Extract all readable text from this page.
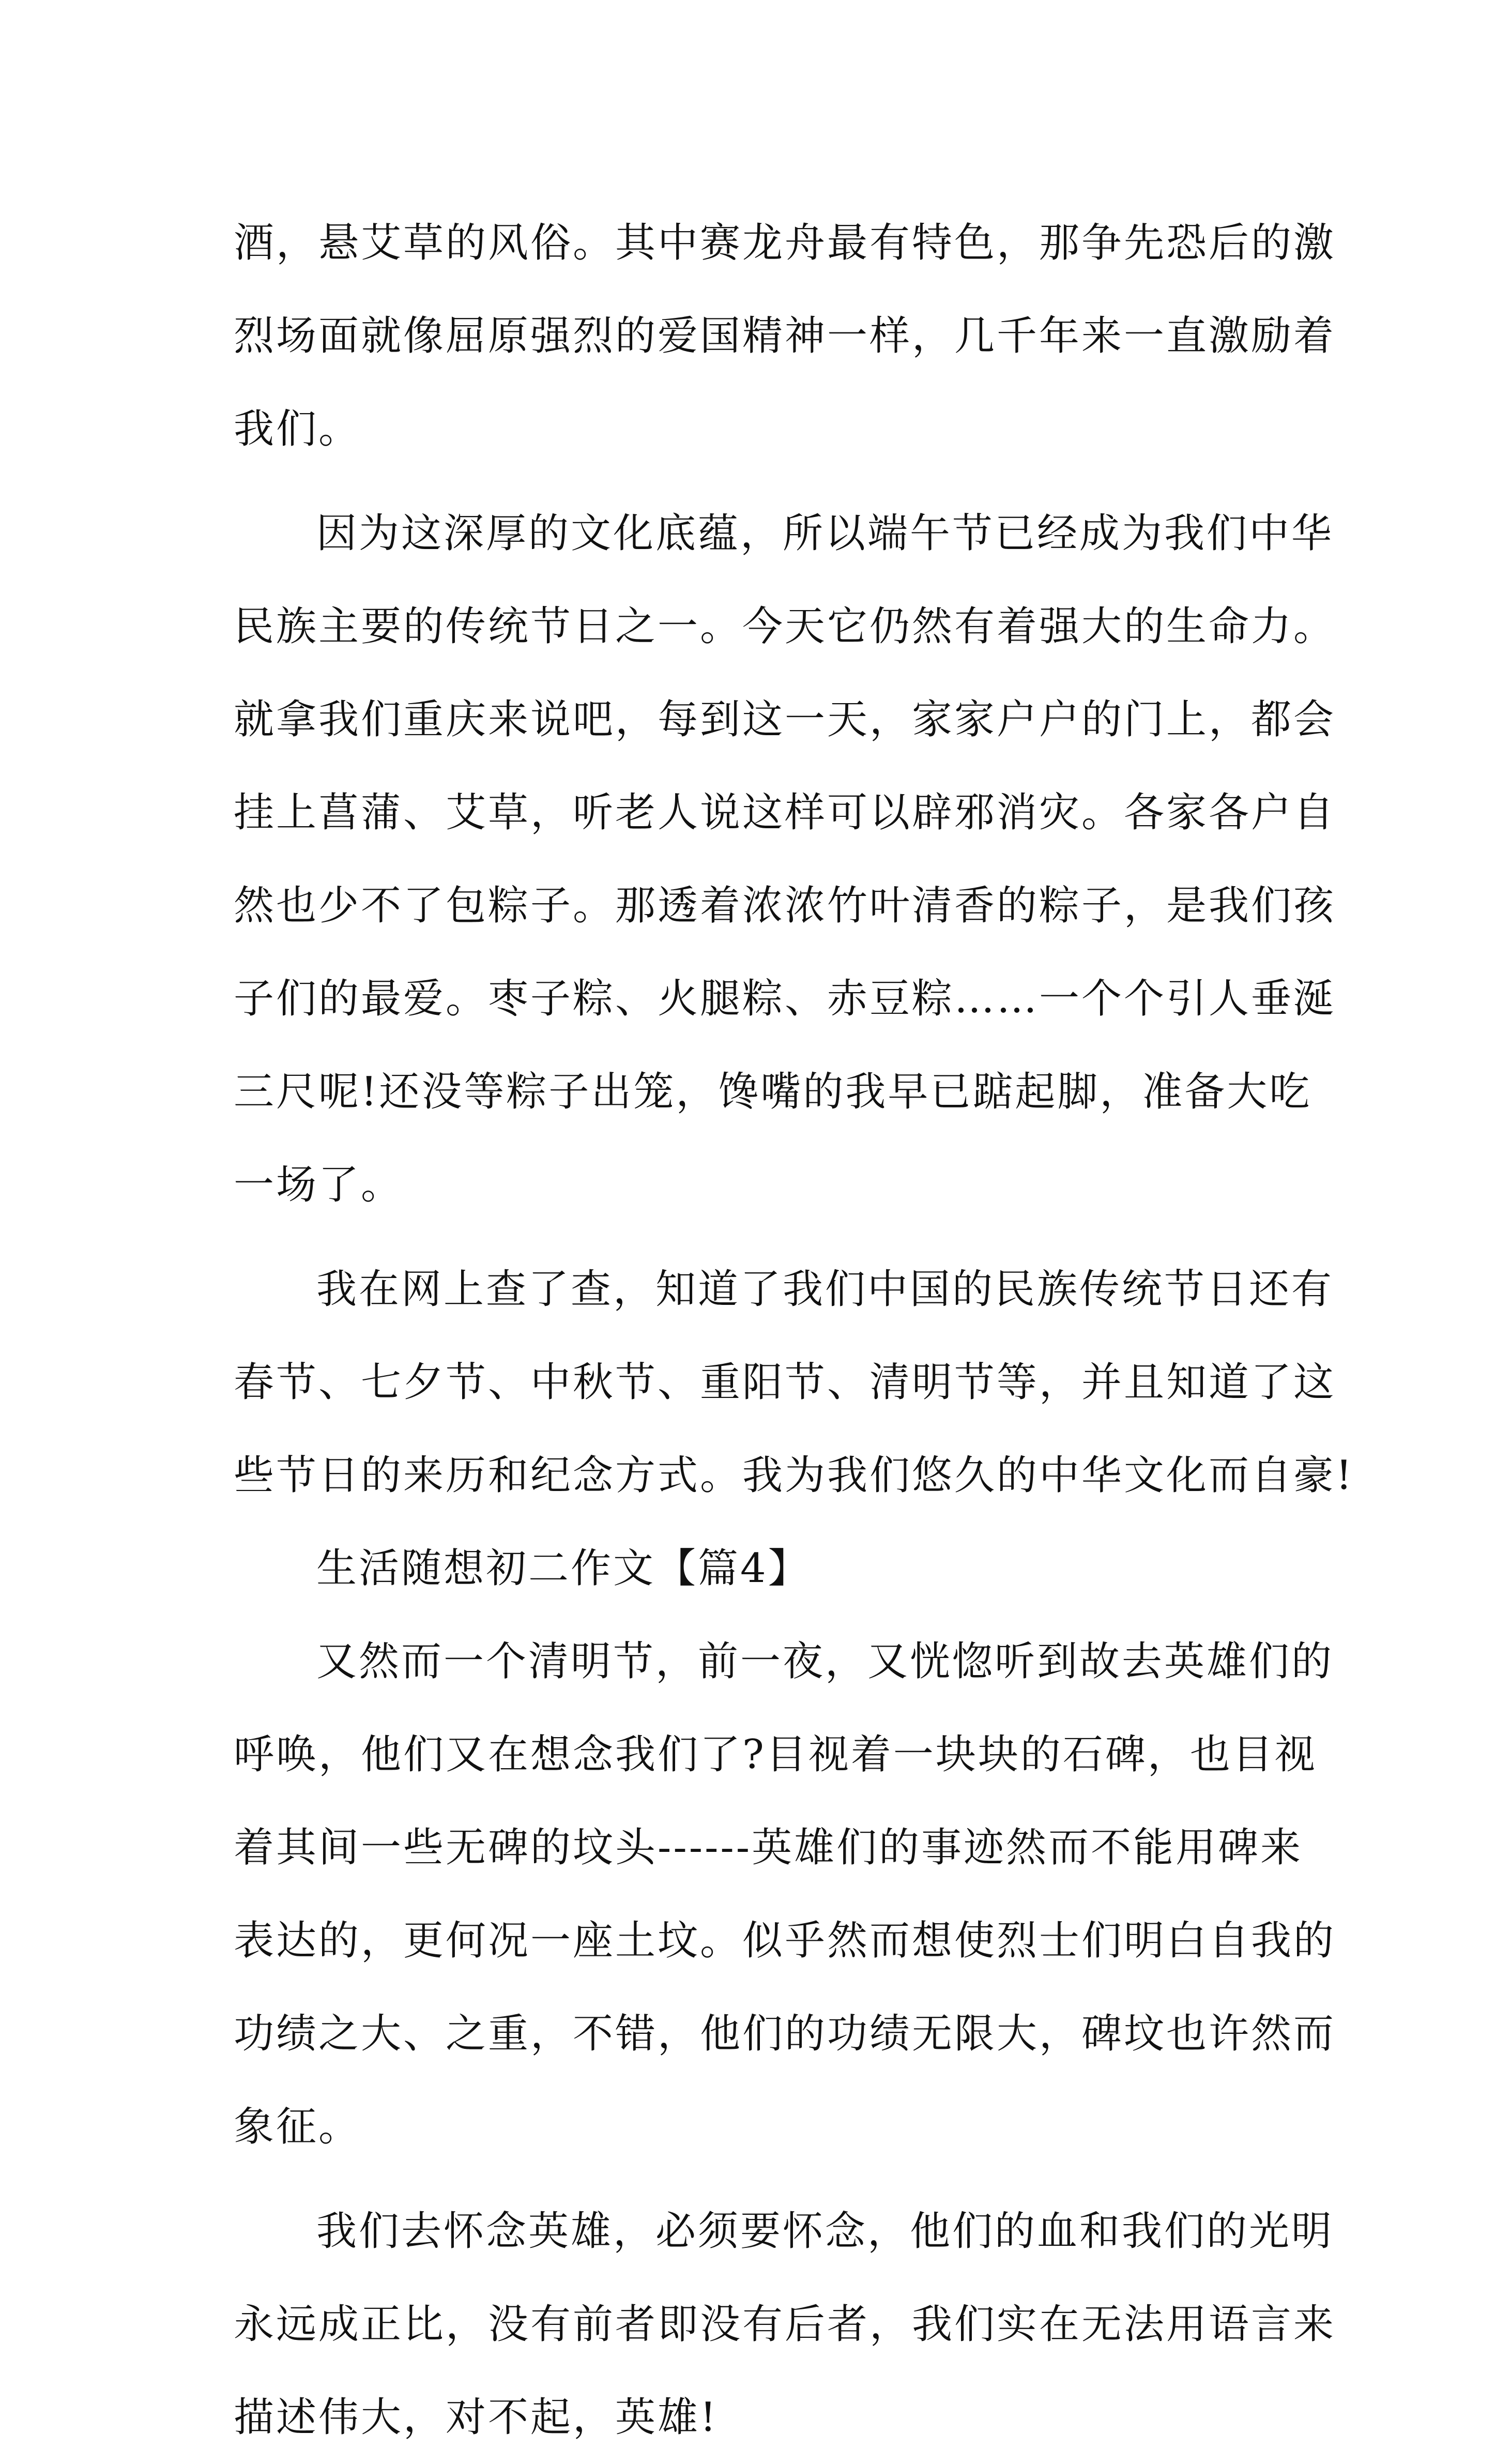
酒，悬艾草的风俗。其中赛龙舟最有特色，那争先恐后的激
烈场面就像屈原强烈的爱国精神一样，几千年来一直激励着
我们。
因为这深厚的文化底蕴，所以端午节已经成为我们中华
民族主要的传统节日之一。今天它仍然有着强大的生命力。
就拿我们重庆来说吧，每到这一天，家家户户的门上，都会
挂上菖蒲、艾草，听老人说这样可以辟邪消灾。各家各户自
然也少不了包粽子。那透着浓浓竹叶清香的粽子，是我们孩
子们的最爱。枣子粽、火腿粽、赤豆粽……一个个引人垂涎
三尺呢!还没等粽子出笼，馋嘴的我早已踮起脚，准备大吃
一场了。
我在网上查了查，知道了我们中国的民族传统节日还有
春节、七夕节、中秋节、重阳节、清明节等，并且知道了这
些节日的来历和纪念方式。我为我们悠久的中华文化而自豪!
生活随想初二作文【篇4】
又然而一个清明节，前一夜，又恍惚听到故去英雄们的
呼唤，他们又在想念我们了?目视着一块块的石碑，也目视
着其间一些无碑的坟头------英雄们的事迹然而不能用碑来
表达的，更何况一座土坟。似乎然而想使烈士们明白自我的
功绩之大、之重，不错，他们的功绩无限大，碑坟也许然而
象征。
我们去怀念英雄，必须要怀念，他们的血和我们的光明
永远成正比，没有前者即没有后者，我们实在无法用语言来
描述伟大，对不起，英雄!
